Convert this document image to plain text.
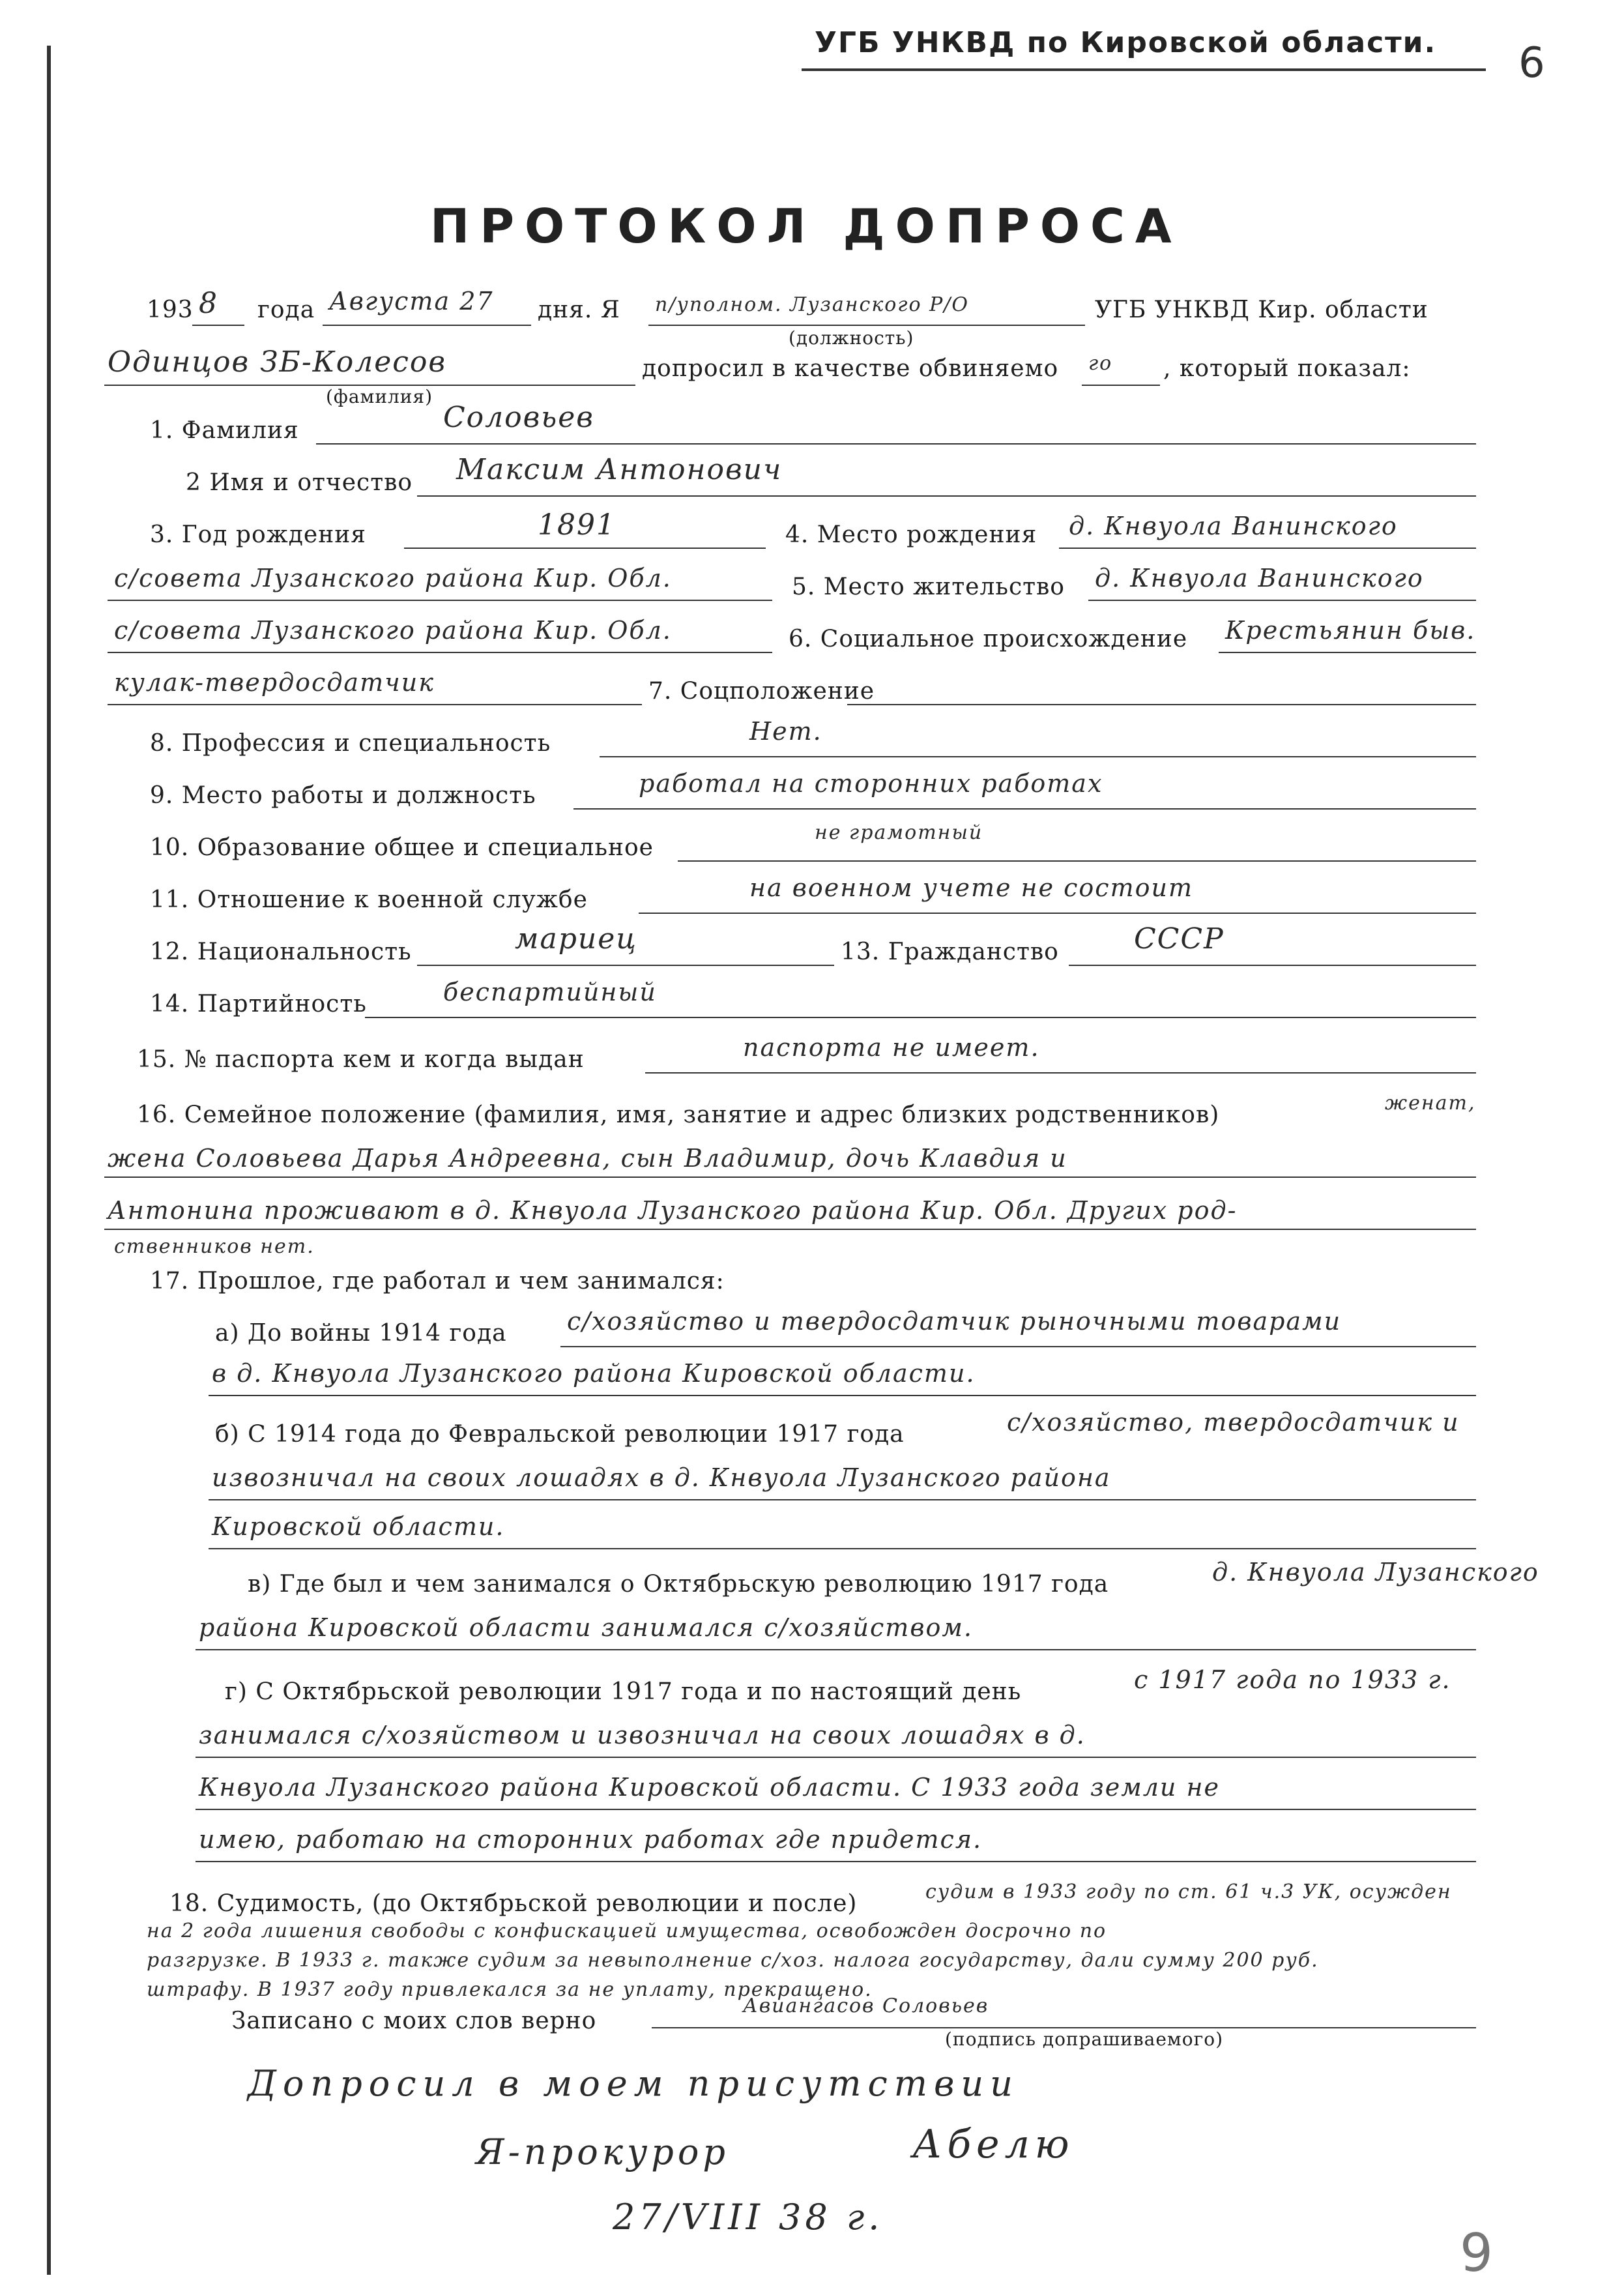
УГБ УНКВД по Кировской области. 6
ПРОТОКОЛ ДОПРОСА
193 8 года Августа 27 дня. Я п/уполном. Лузанского Р/О	УГБ УНКВД Кир. области
(должность)
Одинцов ЗБ-Колесов
(фамилия)
допросил в качестве обвиняемо го , который показал:
1. Фамилия	Соловьев
2 Имя и отчество Максим Антонович
3. Год рождения	1891	4. Место рождения д. Кнвуола Ванинского
с/совета Лузанского района Кир. Обл.	5. Место жительство д. Кнвуола Ванинского
с/совета Лузанского района Кир. Обл.	6. Социальное происхождение Крестьянин быв.
кулак-твердосдатчик	7. Соцположение
8. Профессия и специальность	Нет.
9. Место работы и должность	работал на сторонних работах
10. Образование общее и специальное
не грамотный
11. Отношение к военной службе	на военном учете не состоит
12. Национальность	мариец	13. Гражданство	СССР
14. Партийность	беспартийный
15. № паспорта кем и когда выдан	паспорта не имеет.
16. Семейное положение (фамилия, имя, занятие и адрес близких родственников)	женат,
жена Соловьева Дарья Андреевна, сын Владимир, дочь Клавдия и
Антонина проживают в д. Кнвуола Лузанского района Кир. Обл. Других род-
ственников нет.
17. Прошлое, где работал и чем занимался:
а) До войны 1914 года с/хозяйство и твердосдатчик рыночными товарами
в д. Кнвуола Лузанского района Кировской области.
б) С 1914 года до Февральской революции 1917 года	с/хозяйство, твердосдатчик и
извозничал на своих лошадях в д. Кнвуола Лузанского района
Кировской области.
в) Где был и чем занимался о Октябрьскую революцию 1917 года	д. Кнвуола Лузанского
района Кировской области занимался с/хозяйством.
г) С Октябрьской революции 1917 года и по настоящий день	с 1917 года по 1933 г.
занимался с/хозяйством и извозничал на своих лошадях в д.
Кнвуола Лузанского района Кировской области. С 1933 года земли не
имею, работаю на сторонних работах где придется.
18. Судимость, (до Октябрьской революции и после)	судим в 1933 году по ст. 61 ч.3 УК, осужден
на 2 года лишения свободы с конфискацией имущества, освобожден досрочно по
разгрузке. В 1933 г. также судим за невыполнение с/хоз. налога государству, дали сумму 200 руб.
штрафу. В 1937 году привлекался за не уплату, прекращено.
Записано с моих слов верно
Авиангасов Соловьев
(подпись допрашиваемого)
Допросил в моем присутствии
Я-прокурор	Абелю
27/VIII 38 г.
9
